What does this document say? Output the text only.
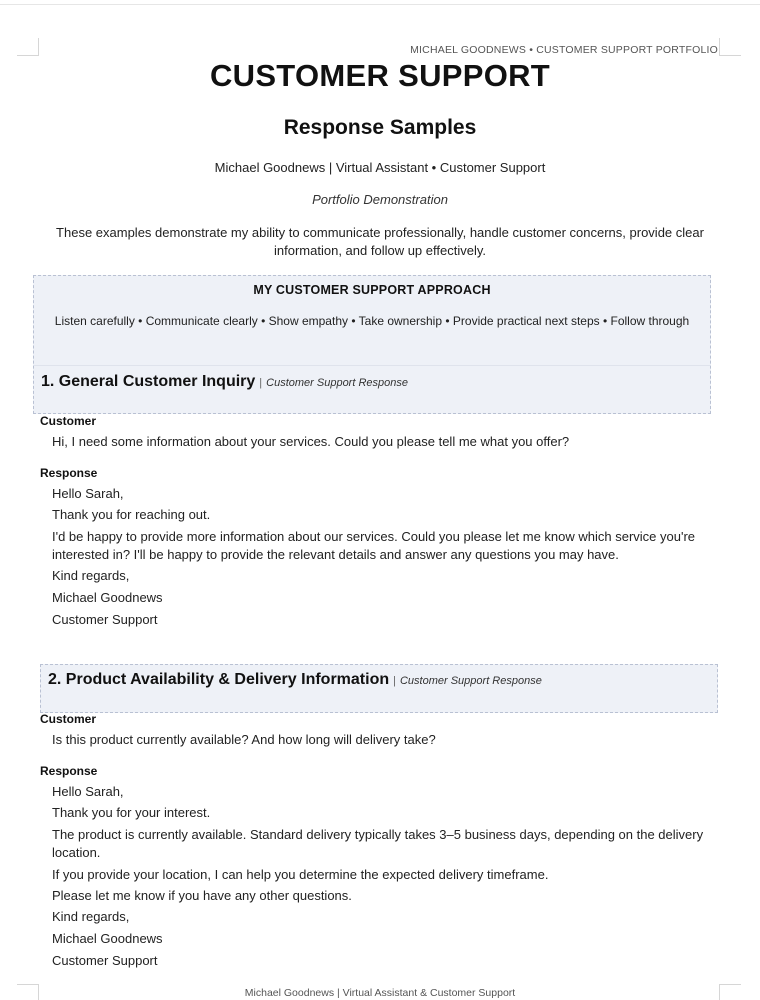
MICHAEL GOODNEWS • CUSTOMER SUPPORT PORTFOLIO
CUSTOMER SUPPORT
Response Samples

Michael Goodnews | Virtual Assistant • Customer Support

Portfolio Demonstration

These examples demonstrate my ability to communicate professionally, handle customer concerns, provide clear information, and follow up effectively.

MY CUSTOMER SUPPORT APPROACH
Listen carefully • Communicate clearly • Show empathy • Take ownership • Provide practical next steps • Follow through
1. General Customer Inquiry | Customer Support Response
Customer
Hi, I need some information about your services. Could you please tell me what you offer?
Response
Hello Sarah,
Thank you for reaching out.
I'd be happy to provide more information about our services. Could you please let me know which service you're interested in? I'll be happy to provide the relevant details and answer any questions you may have.
Kind regards,
Michael Goodnews
Customer Support
2. Product Availability & Delivery Information | Customer Support Response
Customer
Is this product currently available? And how long will delivery take?
Response
Hello Sarah,
Thank you for your interest.
The product is currently available. Standard delivery typically takes 3–5 business days, depending on the delivery location.
If you provide your location, I can help you determine the expected delivery timeframe.
Please let me know if you have any other questions.
Kind regards,
Michael Goodnews
Customer Support
Michael Goodnews | Virtual Assistant & Customer Support
